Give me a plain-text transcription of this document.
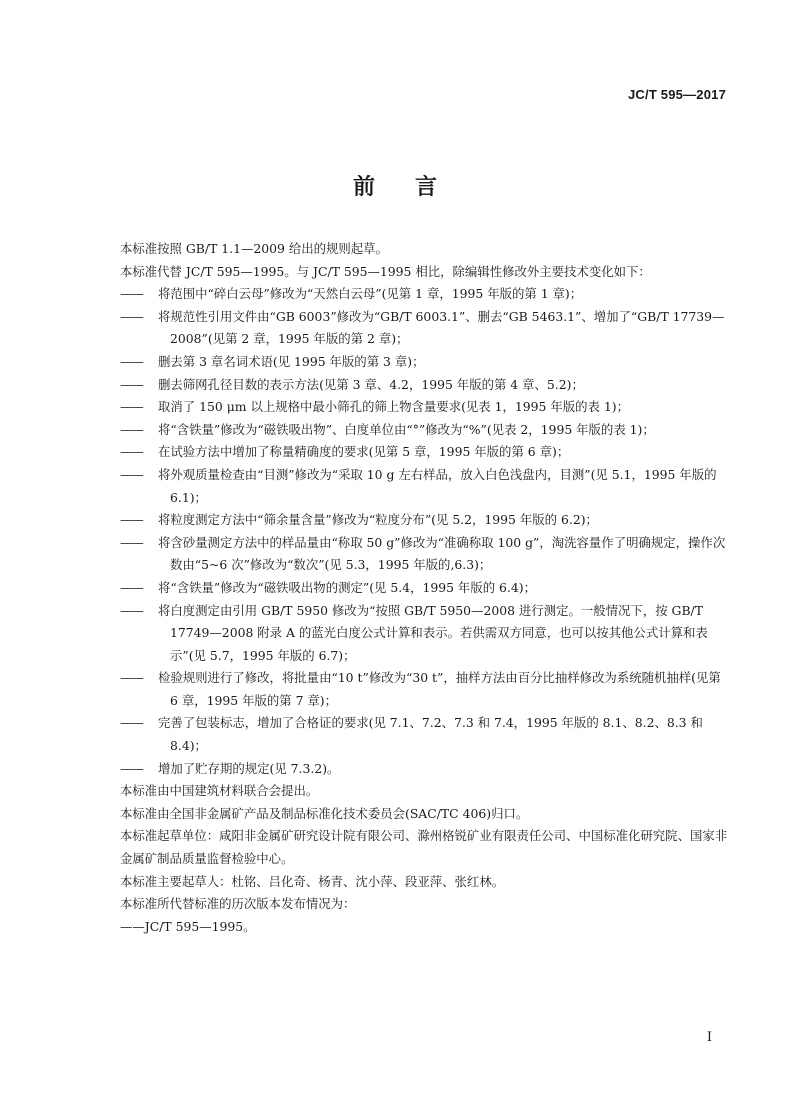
JC/T 595—2017
前 言

本标准按照 GB/T 1.1—2009 给出的规则起草。

本标准代替 JC/T 595—1995。与 JC/T 595—1995 相比，除编辑性修改外主要技术变化如下：

—— 将范围中“碎白云母”修改为“天然白云母”(见第 1 章，1995 年版的第 1 章)；

—— 将规范性引用文件由“GB 6003”修改为“GB/T 6003.1”、删去“GB 5463.1”、增加了“GB/T 17739—2008”(见第 2 章，1995 年版的第 2 章)；

—— 删去第 3 章名词术语(见 1995 年版的第 3 章)；

—— 删去筛网孔径目数的表示方法(见第 3 章、4.2，1995 年版的第 4 章、5.2)；

—— 取消了 150 μm 以上规格中最小筛孔的筛上物含量要求(见表 1，1995 年版的表 1)；

—— 将“含铁量”修改为“磁铁吸出物”、白度单位由“°”修改为“%”(见表 2，1995 年版的表 1)；

—— 在试验方法中增加了称量精确度的要求(见第 5 章，1995 年版的第 6 章)；

—— 将外观质量检查由“目测”修改为“采取 10 g 左右样品，放入白色浅盘内，目测”(见 5.1，1995 年版的 6.1)；

—— 将粒度测定方法中“筛余量含量”修改为“粒度分布”(见 5.2，1995 年版的 6.2)；

—— 将含砂量测定方法中的样品量由“称取 50 g”修改为“准确称取 100 g”，淘洗容量作了明确规定，操作次数由“5~6 次”修改为“数次”(见 5.3，1995 年版的,6.3)；

—— 将“含铁量”修改为“磁铁吸出物的测定”(见 5.4，1995 年版的 6.4)；

—— 将白度测定由引用 GB/T 5950 修改为“按照 GB/T 5950—2008 进行测定。一般情况下，按 GB/T 17749—2008 附录 A 的蓝光白度公式计算和表示。若供需双方同意，也可以按其他公式计算和表示”(见 5.7，1995 年版的 6.7)；

—— 检验规则进行了修改，将批量由“10 t”修改为“30 t”，抽样方法由百分比抽样修改为系统随机抽样(见第 6 章，1995 年版的第 7 章)；

—— 完善了包装标志，增加了合格证的要求(见 7.1、7.2、7.3 和 7.4，1995 年版的 8.1、8.2、8.3 和 8.4)；

—— 增加了贮存期的规定(见 7.3.2)。

本标准由中国建筑材料联合会提出。

本标准由全国非金属矿产品及制品标准化技术委员会(SAC/TC 406)归口。

本标准起草单位：咸阳非金属矿研究设计院有限公司、滁州格锐矿业有限责任公司、中国标准化研究院、国家非金属矿制品质量监督检验中心。

本标准主要起草人：杜铭、吕化奇、杨青、沈小萍、段亚萍、张红林。

本标准所代替标准的历次版本发布情况为：

——JC/T 595—1995。

I
